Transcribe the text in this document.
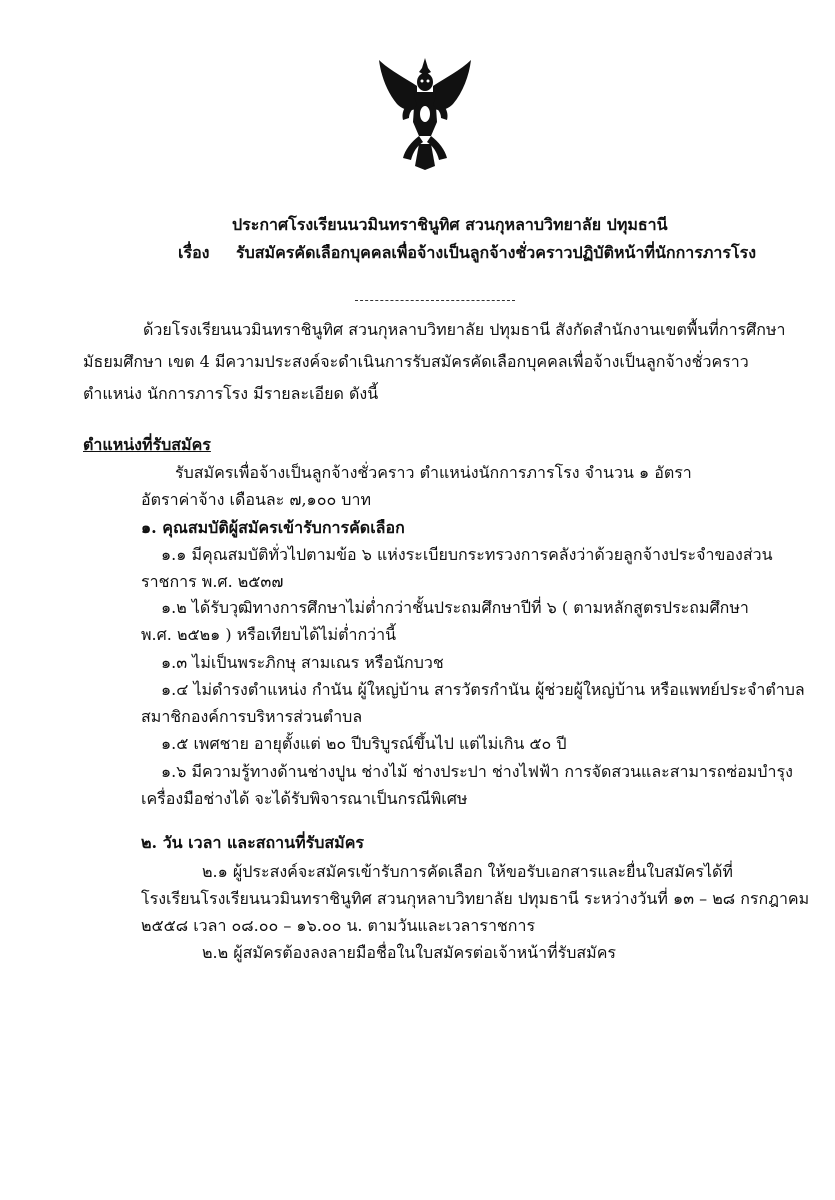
ประกาศโรงเรียนนวมินทราชินูทิศ สวนกุหลาบวิทยาลัย ปทุมธานี
เรื่อง รับสมัครคัดเลือกบุคคลเพื่อจ้างเป็นลูกจ้างชั่วคราวปฏิบัติหน้าที่นักการภารโรง
ด้วยโรงเรียนนวมินทราชินูทิศ สวนกุหลาบวิทยาลัย ปทุมธานี สังกัดสำนักงานเขตพื้นที่การศึกษา
มัธยมศึกษา เขต 4 มีความประสงค์จะดำเนินการรับสมัครคัดเลือกบุคคลเพื่อจ้างเป็นลูกจ้างชั่วคราว
ตำแหน่ง นักการภารโรง มีรายละเอียด ดังนี้
ตำแหน่งที่รับสมัคร
รับสมัครเพื่อจ้างเป็นลูกจ้างชั่วคราว ตำแหน่งนักการภารโรง จำนวน ๑ อัตรา
อัตราค่าจ้าง เดือนละ ๗,๑๐๐ บาท
๑. คุณสมบัติผู้สมัครเข้ารับการคัดเลือก
๑.๑ มีคุณสมบัติทั่วไปตามข้อ ๖ แห่งระเบียบกระทรวงการคลังว่าด้วยลูกจ้างประจำของส่วน
ราชการ พ.ศ. ๒๕๓๗
๑.๒ ได้รับวุฒิทางการศึกษาไม่ต่ำกว่าชั้นประถมศึกษาปีที่ ๖ ( ตามหลักสูตรประถมศึกษา
พ.ศ. ๒๕๒๑ ) หรือเทียบได้ไม่ต่ำกว่านี้
๑.๓ ไม่เป็นพระภิกษุ สามเณร หรือนักบวช
๑.๔ ไม่ดำรงตำแหน่ง กำนัน ผู้ใหญ่บ้าน สารวัตรกำนัน ผู้ช่วยผู้ใหญ่บ้าน หรือแพทย์ประจำตำบล
สมาชิกองค์การบริหารส่วนตำบล
๑.๕ เพศชาย อายุตั้งแต่ ๒๐ ปีบริบูรณ์ขึ้นไป แต่ไม่เกิน ๕๐ ปี
๑.๖ มีความรู้ทางด้านช่างปูน ช่างไม้ ช่างประปา ช่างไฟฟ้า การจัดสวนและสามารถซ่อมบำรุง
เครื่องมือช่างได้ จะได้รับพิจารณาเป็นกรณีพิเศษ
๒. วัน เวลา และสถานที่รับสมัคร
๒.๑ ผู้ประสงค์จะสมัครเข้ารับการคัดเลือก ให้ขอรับเอกสารและยื่นใบสมัครได้ที่
โรงเรียนโรงเรียนนวมินทราชินูทิศ สวนกุหลาบวิทยาลัย ปทุมธานี ระหว่างวันที่ ๑๓ – ๒๘ กรกฎาคม
๒๕๕๘ เวลา ๐๘.๐๐ – ๑๖.๐๐ น. ตามวันและเวลาราชการ
๒.๒ ผู้สมัครต้องลงลายมือชื่อในใบสมัครต่อเจ้าหน้าที่รับสมัคร
